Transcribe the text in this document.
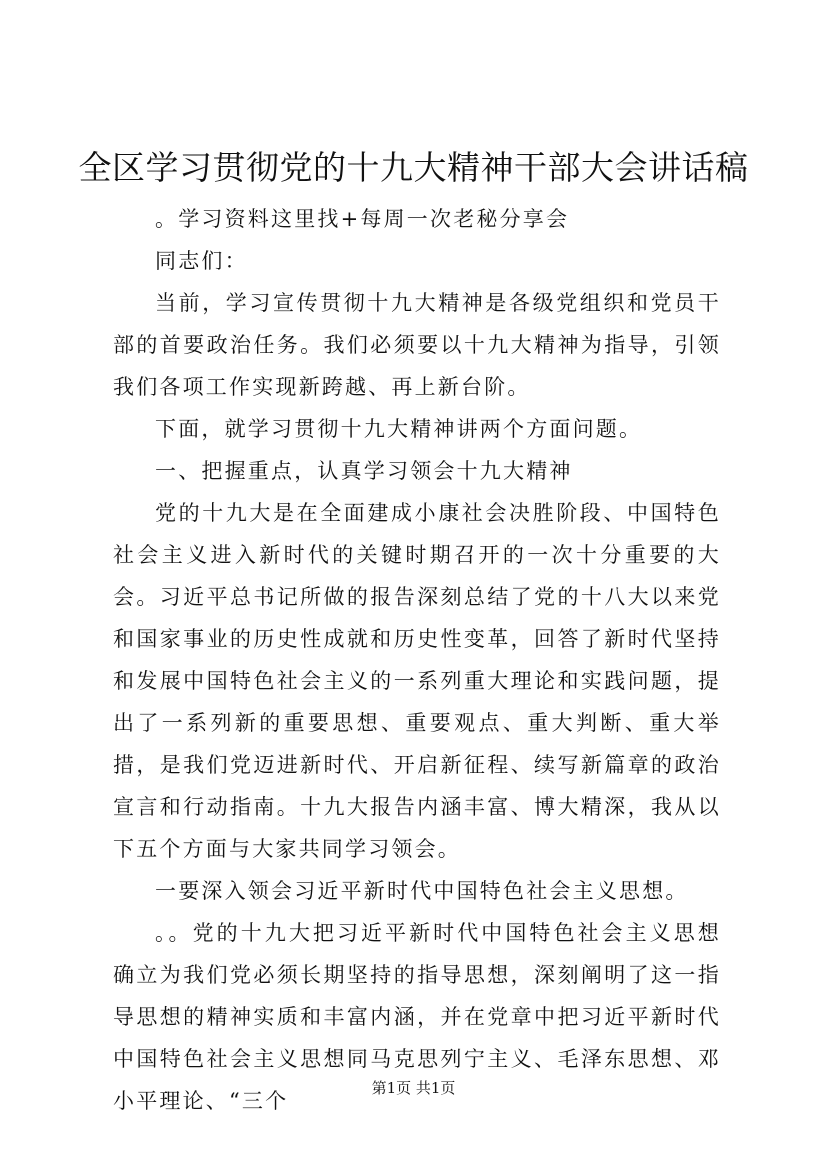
全区学习贯彻党的十九大精神干部大会讲话稿

。学习资料这里找+每周一次老秘分享会

同志们：

当前，学习宣传贯彻十九大精神是各级党组织和党员干部的首要政治任务。我们必须要以十九大精神为指导，引领我们各项工作实现新跨越、再上新台阶。

下面，就学习贯彻十九大精神讲两个方面问题。

一、把握重点，认真学习领会十九大精神

党的十九大是在全面建成小康社会决胜阶段、中国特色社会主义进入新时代的关键时期召开的一次十分重要的大会。习近平总书记所做的报告深刻总结了党的十八大以来党和国家事业的历史性成就和历史性变革，回答了新时代坚持和发展中国特色社会主义的一系列重大理论和实践问题，提出了一系列新的重要思想、重要观点、重大判断、重大举措，是我们党迈进新时代、开启新征程、续写新篇章的政治宣言和行动指南。十九大报告内涵丰富、博大精深，我从以下五个方面与大家共同学习领会。

一要深入领会习近平新时代中国特色社会主义思想。

。。党的十九大把习近平新时代中国特色社会主义思想确立为我们党必须长期坚持的指导思想，深刻阐明了这一指导思想的精神实质和丰富内涵，并在党章中把习近平新时代中国特色社会主义思想同马克思列宁主义、毛泽东思想、邓小平理论、“三个

第1页 共1页
